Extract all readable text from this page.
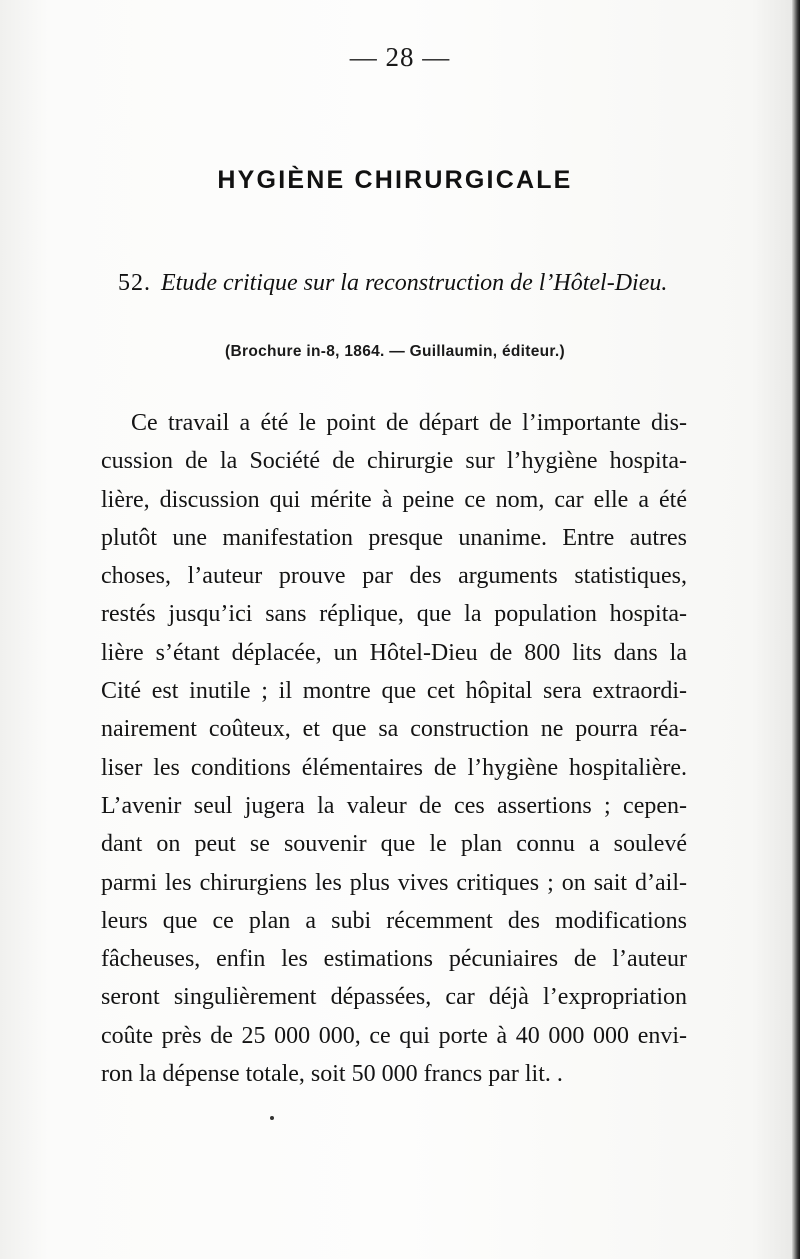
— 28 —
HYGIÈNE CHIRURGICALE
52. Etude critique sur la reconstruction de l’Hôtel-Dieu.
(Brochure in-8, 1864. — Guillaumin, éditeur.)
Ce travail a été le point de départ de l’importante dis-
cussion de la Société de chirurgie sur l’hygiène hospita-
lière, discussion qui mérite à peine ce nom, car elle a été
plutôt une manifestation presque unanime. Entre autres
choses, l’auteur prouve par des arguments statistiques,
restés jusqu’ici sans réplique, que la population hospita-
lière s’étant déplacée, un Hôtel-Dieu de 800 lits dans la
Cité est inutile ; il montre que cet hôpital sera extraordi-
nairement coûteux, et que sa construction ne pourra réa-
liser les conditions élémentaires de l’hygiène hospitalière.
L’avenir seul jugera la valeur de ces assertions ; cepen-
dant on peut se souvenir que le plan connu a soulevé
parmi les chirurgiens les plus vives critiques ; on sait d’ail-
leurs que ce plan a subi récemment des modifications
fâcheuses, enfin les estimations pécuniaires de l’auteur
seront singulièrement dépassées, car déjà l’expropriation
coûte près de 25 000 000, ce qui porte à 40 000 000 envi-
ron la dépense totale, soit 50 000 francs par lit. .
